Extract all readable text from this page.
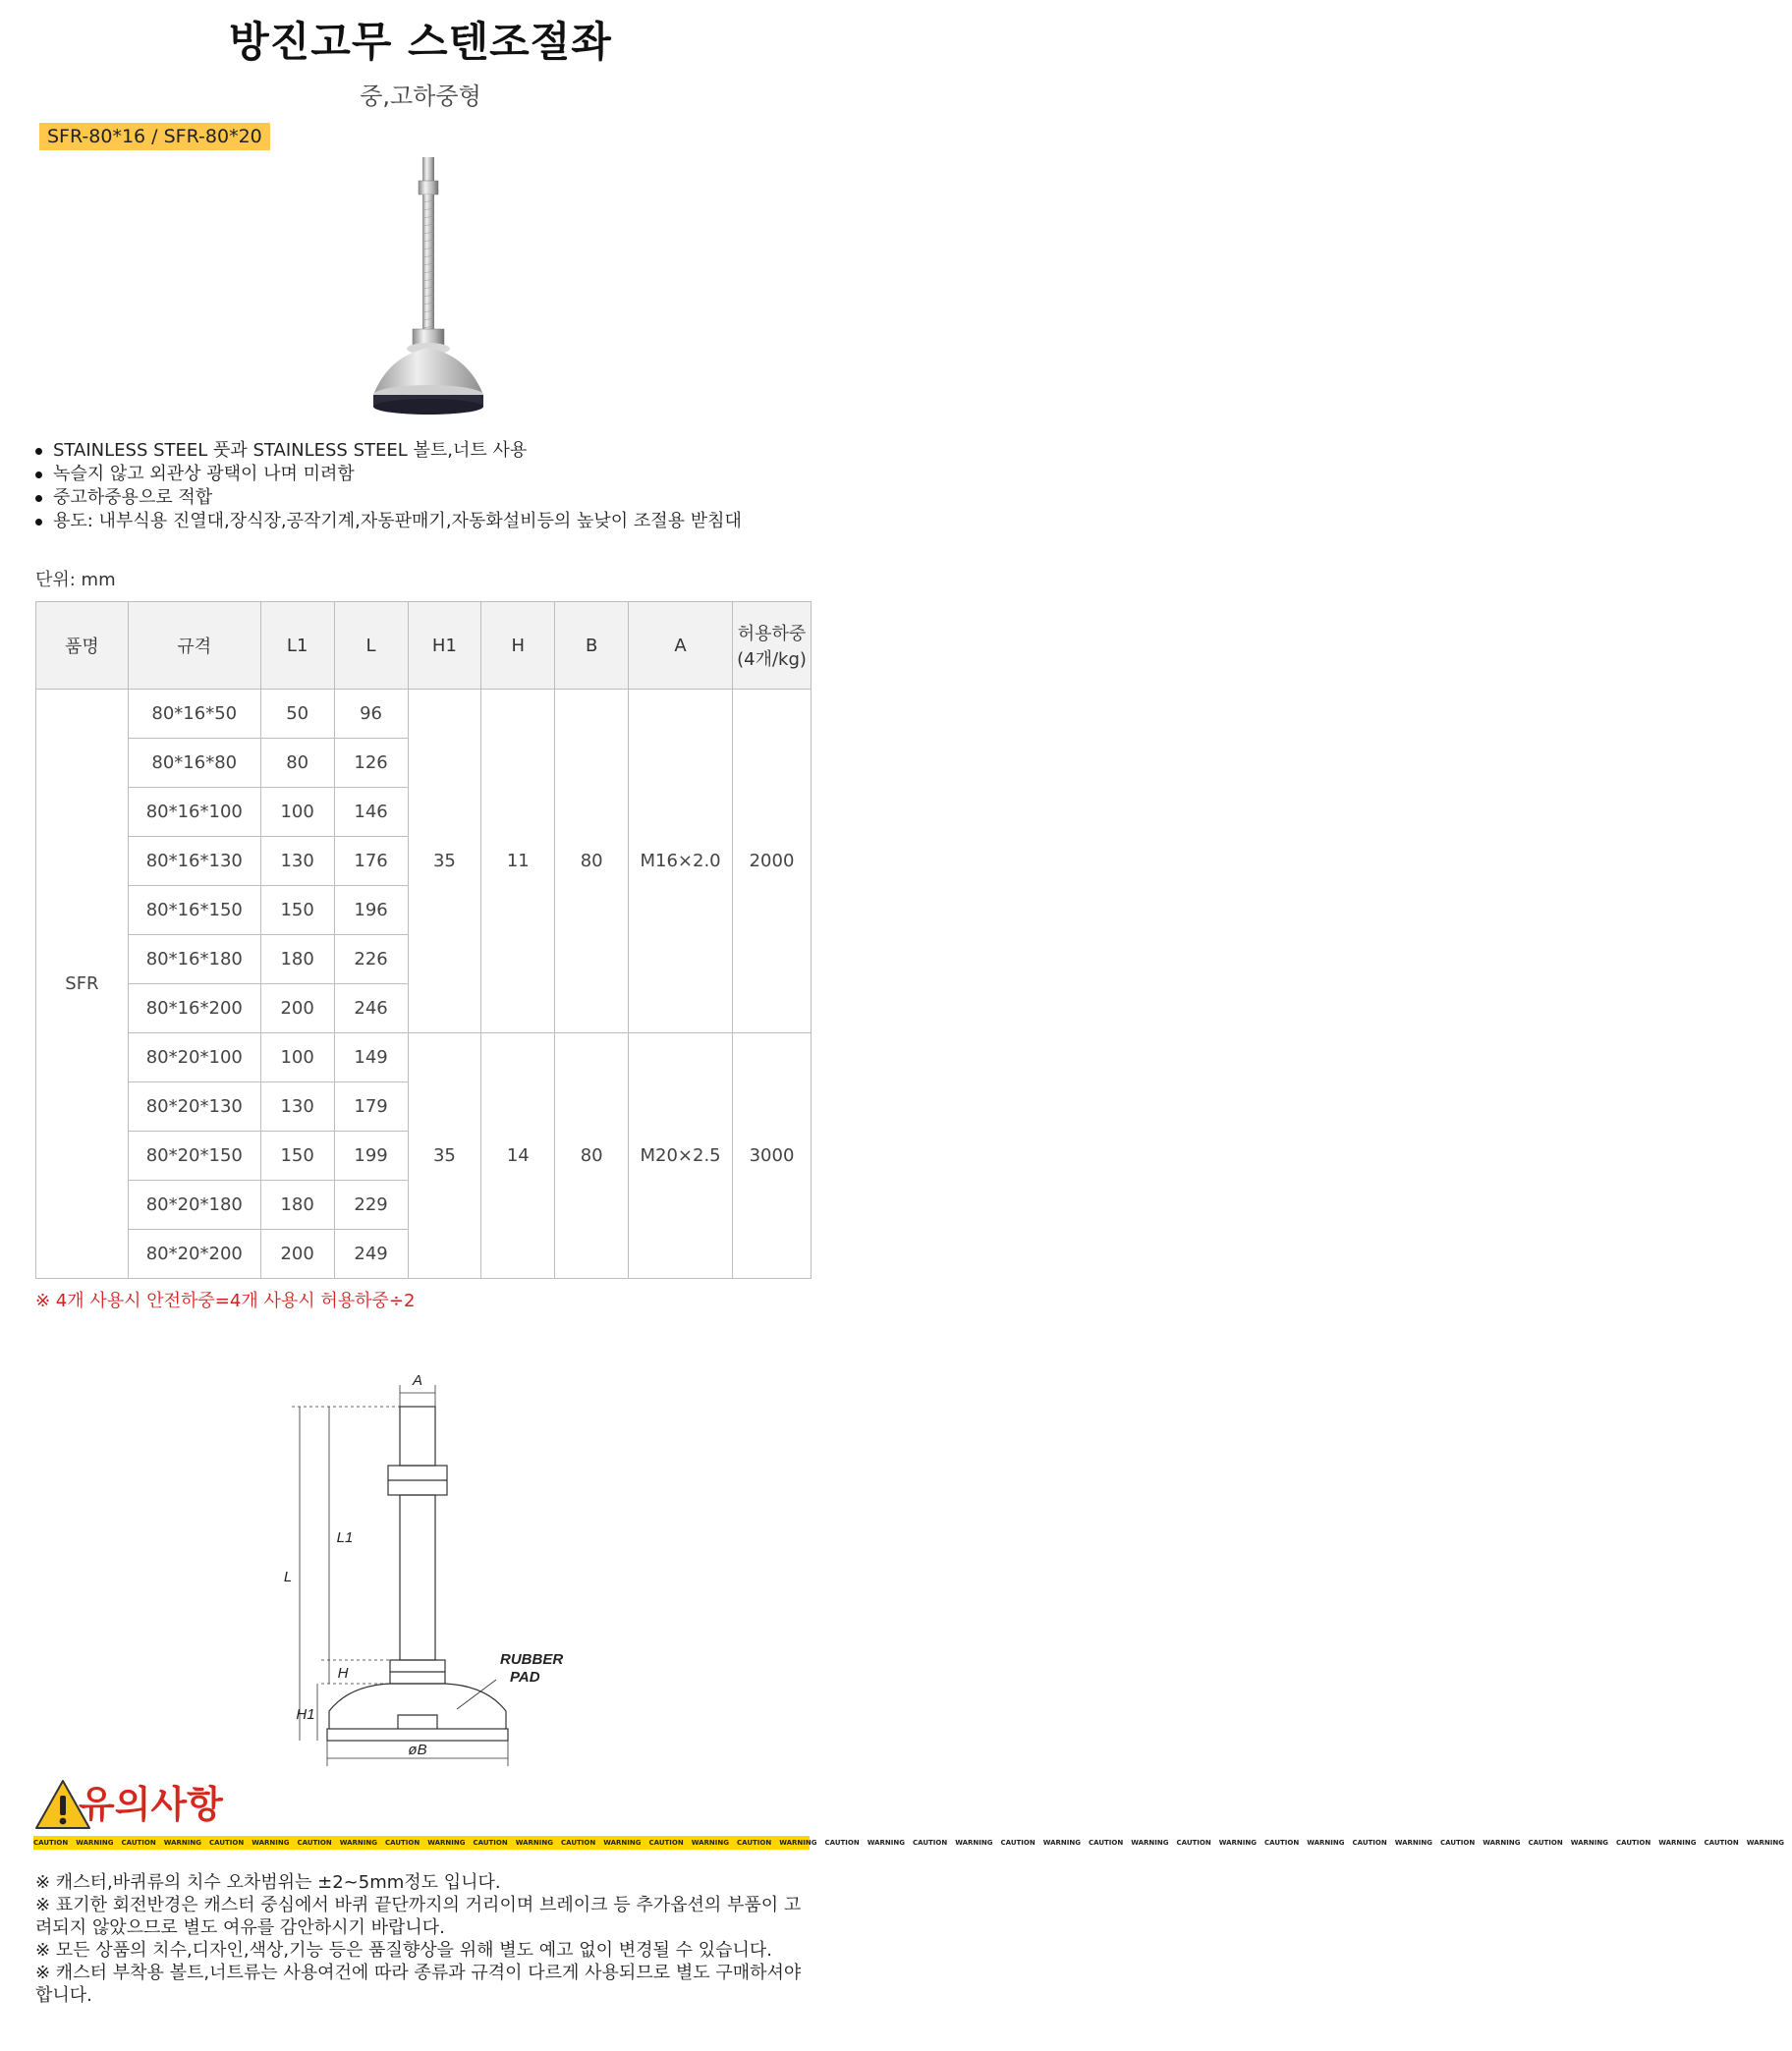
방진고무 스텐조절좌
중,고하중형
SFR-80*16 / SFR-80*20
STAINLESS STEEL 풋과 STAINLESS STEEL 볼트,너트 사용
녹슬지 않고 외관상 광택이 나며 미려함
중고하중용으로 적합
용도: 내부식용 진열대,장식장,공작기계,자동판매기,자동화설비등의 높낮이 조절용 받침대
단위: mm
품명	규격	L1	L	H1	H	B	A	허용하중
(4개/kg)
SFR	80*16*50	50	96	35	11	80	M16×2.0	2000
	80*16*80	80	126					
	80*16*100	100	146					
	80*16*130	130	176					
	80*16*150	150	196					
	80*16*180	180	226					
	80*16*200	200	246					
	80*20*100	100	149	35	14	80	M20×2.5	3000
	80*20*130	130	179					
	80*20*150	150	199					
	80*20*180	180	229					
	80*20*200	200	249					
※ 4개 사용시 안전하중=4개 사용시 허용하중÷2
A
L
L1
H
H1
øB
RUBBER
PAD
유의사항
CAUTION WARNING CAUTION WARNING CAUTION WARNING CAUTION WARNING CAUTION WARNING CAUTION WARNING CAUTION WARNING CAUTION WARNING CAUTION WARNING CAUTION WARNING CAUTION WARNING CAUTION WARNING CAUTION WARNING CAUTION WARNING CAUTION WARNING CAUTION WARNING CAUTION WARNING CAUTION WARNING CAUTION WARNING CAUTION WARNING

※ 캐스터,바퀴류의 치수 오차범위는 ±2~5mm정도 입니다.

※ 표기한 회전반경은 캐스터 중심에서 바퀴 끝단까지의 거리이며 브레이크 등 추가옵션의 부품이 고려되지 않았으므로 별도 여유를 감안하시기 바랍니다.

※ 모든 상품의 치수,디자인,색상,기능 등은 품질향상을 위해 별도 예고 없이 변경될 수 있습니다.

※ 캐스터 부착용 볼트,너트류는 사용여건에 따라 종류과 규격이 다르게 사용되므로 별도 구매하셔야 합니다.
